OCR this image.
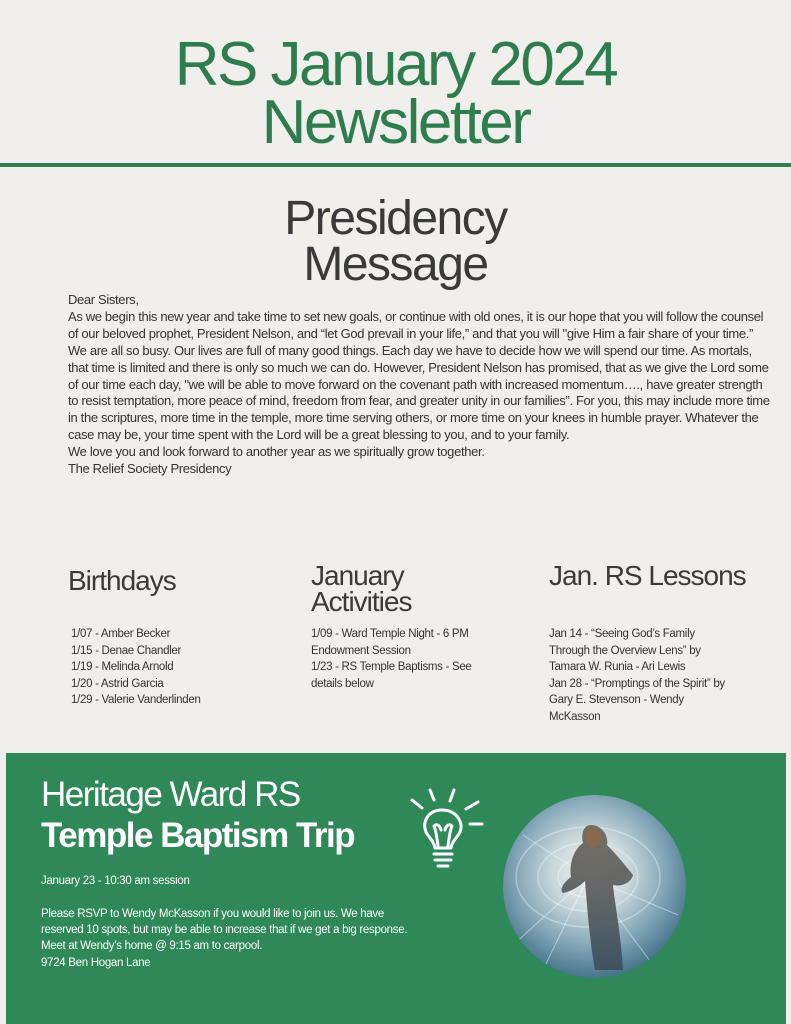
RS January 2024
Newsletter
Presidency
Message

Dear Sisters,

As we begin this new year and take time to set new goals, or continue with old ones, it is our hope that you will follow the counsel of our beloved prophet, President Nelson, and “let God prevail in your life,” and that you will "give Him a fair share of your time.” We are all so busy. Our lives are full of many good things. Each day we have to decide how we will spend our time. As mortals, that time is limited and there is only so much we can do. However, President Nelson has promised, that as we give the Lord some of our time each day, "we will be able to move forward on the covenant path with increased momentum…., have greater strength to resist temptation, more peace of mind, freedom from fear, and greater unity in our families”. For you, this may include more time in the scriptures, more time in the temple, more time serving others, or more time on your knees in humble prayer. Whatever the case may be, your time spent with the Lord will be a great blessing to you, and to your family.

We love you and look forward to another year as we spiritually grow together.

The Relief Society Presidency

Birthdays
1/07 - Amber Becker
1/15 - Denae Chandler
1/19 - Melinda Arnold
1/20 - Astrid Garcia
1/29 - Valerie Vanderlinden
January
Activities
1/09 - Ward Temple Night - 6 PM Endowment Session
1/23 - RS Temple Baptisms - See details below
Jan. RS Lessons
Jan 14 - “Seeing God’s Family Through the Overview Lens” by Tamara W. Runia - Ari Lewis
Jan 28 - “Promptings of the Spirit” by Gary E. Stevenson - Wendy McKasson
Heritage Ward RS
Temple Baptism Trip
January 23 - 10:30 am session

Please RSVP to Wendy McKasson if you would like to join us. We have reserved 10 spots, but may be able to increase that if we get a big response.

Meet at Wendy’s home @ 9:15 am to carpool.

9724 Ben Hogan Lane
